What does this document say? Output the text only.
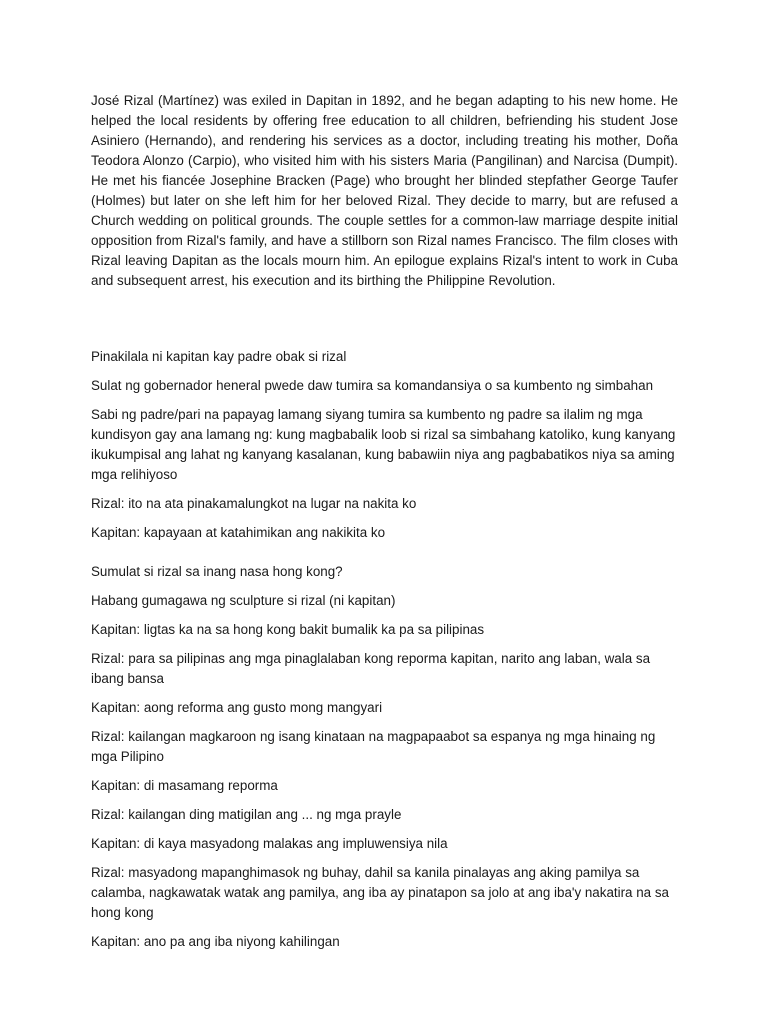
José Rizal (Martínez) was exiled in Dapitan in 1892, and he began adapting to his new home. He helped the local residents by offering free education to all children, befriending his student Jose Asiniero (Hernando), and rendering his services as a doctor, including treating his mother, Doña Teodora Alonzo (Carpio), who visited him with his sisters Maria (Pangilinan) and Narcisa (Dumpit). He met his fiancée Josephine Bracken (Page) who brought her blinded stepfather George Taufer (Holmes) but later on she left him for her beloved Rizal. They decide to marry, but are refused a Church wedding on political grounds. The couple settles for a common-law marriage despite initial opposition from Rizal's family, and have a stillborn son Rizal names Francisco. The film closes with Rizal leaving Dapitan as the locals mourn him. An epilogue explains Rizal's intent to work in Cuba and subsequent arrest, his execution and its birthing the Philippine Revolution.

Pinakilala ni kapitan kay padre obak si rizal

Sulat ng gobernador heneral pwede daw tumira sa komandansiya o sa kumbento ng simbahan

Sabi ng padre/pari na papayag lamang siyang tumira sa kumbento ng padre sa ilalim ng mga kundisyon gay ana lamang ng: kung magbabalik loob si rizal sa simbahang katoliko, kung kanyang ikukumpisal ang lahat ng kanyang kasalanan, kung babawiin niya ang pagbabatikos niya sa aming mga relihiyoso

Rizal: ito na ata pinakamalungkot na lugar na nakita ko

Kapitan: kapayaan at katahimikan ang nakikita ko

Sumulat si rizal sa inang nasa hong kong?

Habang gumagawa ng sculpture si rizal (ni kapitan)

Kapitan: ligtas ka na sa hong kong bakit bumalik ka pa sa pilipinas

Rizal: para sa pilipinas ang mga pinaglalaban kong reporma kapitan, narito ang laban, wala sa ibang bansa

Kapitan: aong reforma ang gusto mong mangyari

Rizal: kailangan magkaroon ng isang kinataan na magpapaabot sa espanya ng mga hinaing ng mga Pilipino

Kapitan: di masamang reporma

Rizal: kailangan ding matigilan ang ... ng mga prayle

Kapitan: di kaya masyadong malakas ang impluwensiya nila

Rizal: masyadong mapanghimasok ng buhay, dahil sa kanila pinalayas ang aking pamilya sa calamba, nagkawatak watak ang pamilya, ang iba ay pinatapon sa jolo at ang iba'y nakatira na sa hong kong

Kapitan: ano pa ang iba niyong kahilingan
